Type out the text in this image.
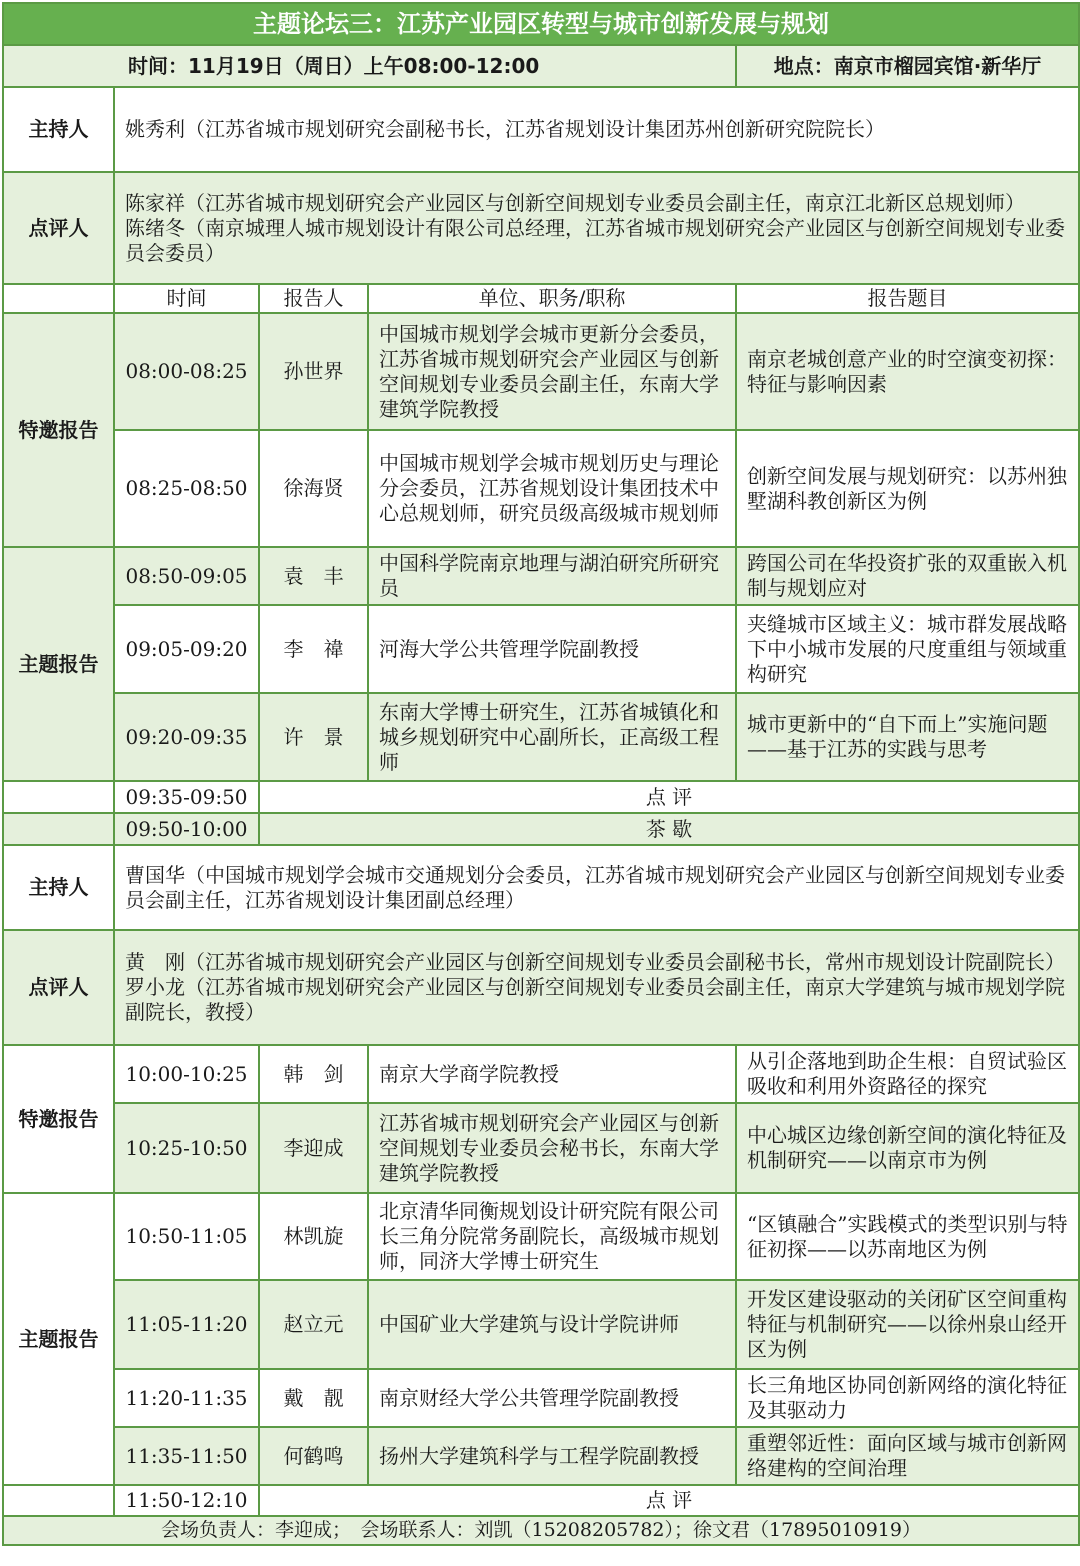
主题论坛三：江苏产业园区转型与城市创新发展与规划				
时间：11月19日（周日）上午08:00-12:00				地点：南京市榴园宾馆·新华厅
主持人	姚秀利（江苏省城市规划研究会副秘书长，江苏省规划设计集团苏州创新研究院院长）			
点评人	陈家祥（江苏省城市规划研究会产业园区与创新空间规划专业委员会副主任，南京江北新区总规划师）
陈绪冬（南京城理人城市规划设计有限公司总经理，江苏省城市规划研究会产业园区与创新空间规划专业委员会委员）			

	时间	报告人	单位、职务/职称	报告题目
特邀报告	08:00-08:25	孙世界	中国城市规划学会城市更新分会委员，江苏省城市规划研究会产业园区与创新空间规划专业委员会副主任，东南大学建筑学院教授	南京老城创意产业的时空演变初探：特征与影响因素
	08:25-08:50	徐海贤	中国城市规划学会城市规划历史与理论分会委员，江苏省规划设计集团技术中心总规划师，研究员级高级城市规划师	创新空间发展与规划研究：以苏州独墅湖科教创新区为例
主题报告	08:50-09:05	袁　丰	中国科学院南京地理与湖泊研究所研究员	跨国公司在华投资扩张的双重嵌入机制与规划应对
	09:05-09:20	李　禕	河海大学公共管理学院副教授	夹缝城市区域主义：城市群发展战略下中小城市发展的尺度重组与领域重构研究
	09:20-09:35	许　景	东南大学博士研究生，江苏省城镇化和城乡规划研究中心副所长，正高级工程师	城市更新中的“自下而上”实施问题——基于江苏的实践与思考
	09:35-09:50	点 评		
	09:50-10:00	茶 歇		
主持人	曹国华（中国城市规划学会城市交通规划分会委员，江苏省城市规划研究会产业园区与创新空间规划专业委员会副主任，江苏省规划设计集团副总经理）			
点评人	黄　刚（江苏省城市规划研究会产业园区与创新空间规划专业委员会副秘书长，常州市规划设计院副院长）
罗小龙（江苏省城市规划研究会产业园区与创新空间规划专业委员会副主任，南京大学建筑与城市规划学院副院长，教授）			

特邀报告	10:00-10:25	韩　剑	南京大学商学院教授	从引企落地到助企生根：自贸试验区吸收和利用外资路径的探究
	10:25-10:50	李迎成	江苏省城市规划研究会产业园区与创新空间规划专业委员会秘书长，东南大学建筑学院教授	中心城区边缘创新空间的演化特征及机制研究——以南京市为例
主题报告	10:50-11:05	林凯旋	北京清华同衡规划设计研究院有限公司长三角分院常务副院长，高级城市规划师，同济大学博士研究生	“区镇融合”实践模式的类型识别与特征初探——以苏南地区为例
	11:05-11:20	赵立元	中国矿业大学建筑与设计学院讲师	开发区建设驱动的关闭矿区空间重构特征与机制研究——以徐州泉山经开区为例
	11:20-11:35	戴　靓	南京财经大学公共管理学院副教授	长三角地区协同创新网络的演化特征及其驱动力
	11:35-11:50	何鹤鸣	扬州大学建筑科学与工程学院副教授	重塑邻近性：面向区域与城市创新网络建构的空间治理
	11:50-12:10	点 评		
会场负责人：李迎成；　会场联系人：刘凯（15208205782）；徐文君（17895010919）				
